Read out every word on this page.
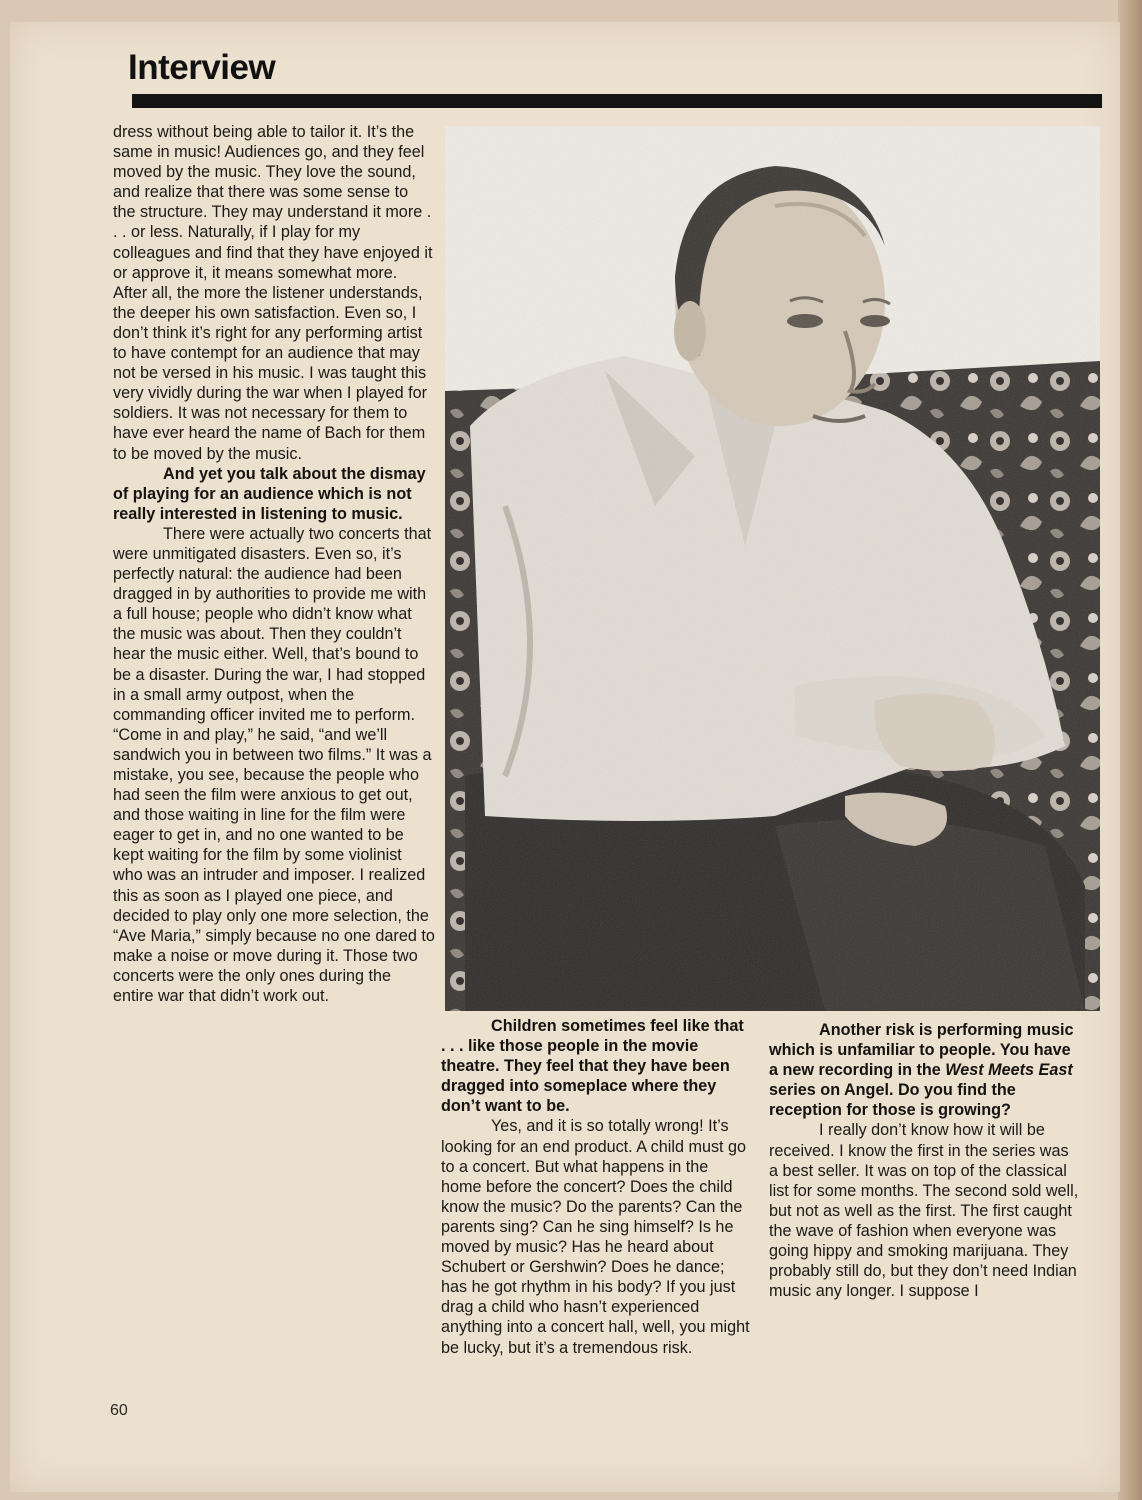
Interview

dress without being able to tailor it. It’s the same in music! Audiences go, and they feel moved by the music. They love the sound, and realize that there was some sense to the structure. They may understand it more . . . or less. Naturally, if I play for my colleagues and find that they have enjoyed it or approve it, it means somewhat more. After all, the more the listener understands, the deeper his own satisfaction. Even so, I don’t think it’s right for any performing artist to have contempt for an audience that may not be versed in his music. I was taught this very vividly during the war when I played for soldiers. It was not necessary for them to have ever heard the name of Bach for them to be moved by the music.

And yet you talk about the dismay of playing for an audience which is not really interested in listening to music.

There were actually two concerts that were unmitigated disasters. Even so, it’s perfectly natural: the audience had been dragged in by authorities to provide me with a full house; people who didn’t know what the music was about. Then they couldn’t hear the music either. Well, that’s bound to be a disaster. During the war, I had stopped in a small army outpost, when the commanding officer invited me to perform. “Come in and play,” he said, “and we’ll sandwich you in between two films.” It was a mistake, you see, because the people who had seen the film were anxious to get out, and those waiting in line for the film were eager to get in, and no one wanted to be kept waiting for the film by some violinist who was an intruder and imposer. I realized this as soon as I played one piece, and decided to play only one more selection, the “Ave Maria,” simply because no one dared to make a noise or move during it. Those two concerts were the only ones during the entire war that didn’t work out.

Children sometimes feel like that . . . like those people in the movie theatre. They feel that they have been dragged into someplace where they don’t want to be.

Yes, and it is so totally wrong! It’s looking for an end product. A child must go to a concert. But what happens in the home before the concert? Does the child know the music? Do the parents? Can the parents sing? Can he sing himself? Is he moved by music? Has he heard about Schubert or Gershwin? Does he dance; has he got rhythm in his body? If you just drag a child who hasn’t experienced anything into a concert hall, well, you might be lucky, but it’s a tremendous risk.

Another risk is performing music which is unfamiliar to people. You have a new recording in the West Meets East series on Angel. Do you find the reception for those is growing?

I really don’t know how it will be received. I know the first in the series was a best seller. It was on top of the classical list for some months. The second sold well, but not as well as the first. The first caught the wave of fashion when everyone was going hippy and smoking marijuana. They probably still do, but they don’t need Indian music any longer. I suppose I

60
